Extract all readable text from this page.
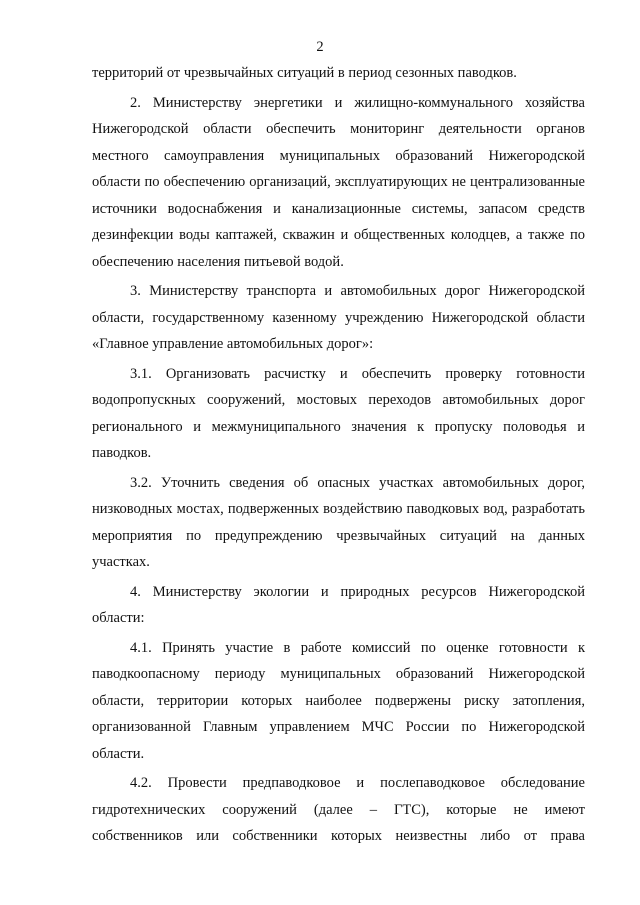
2

территорий от чрезвычайных ситуаций в период сезонных паводков.

2. Министерству энергетики и жилищно-коммунального хозяйства Нижегородской области обеспечить мониторинг деятельности органов местного самоуправления муниципальных образований Нижегородской области по обеспечению организаций, эксплуатирующих не централизованные источники водоснабжения и канализационные системы, запасом средств дезинфекции воды каптажей, скважин и общественных колодцев, а также по обеспечению населения питьевой водой.

3. Министерству транспорта и автомобильных дорог Нижегородской области, государственному казенному учреждению Нижегородской области «Главное управление автомобильных дорог»:

3.1. Организовать расчистку и обеспечить проверку готовности водопропускных сооружений, мостовых переходов автомобильных дорог регионального и межмуниципального значения к пропуску половодья и паводков.

3.2. Уточнить сведения об опасных участках автомобильных дорог, низководных мостах, подверженных воздействию паводковых вод, разработать мероприятия по предупреждению чрезвычайных ситуаций на данных участках.

4. Министерству экологии и природных ресурсов Нижегородской области:

4.1. Принять участие в работе комиссий по оценке готовности к паводкоопасному периоду муниципальных образований Нижегородской области, территории которых наиболее подвержены риску затопления, организованной Главным управлением МЧС России по Нижегородской области.

4.2. Провести предпаводковое и послепаводковое обследование гидротехнических сооружений (далее – ГТС), которые не имеют собственников или собственники которых неизвестны либо от права
